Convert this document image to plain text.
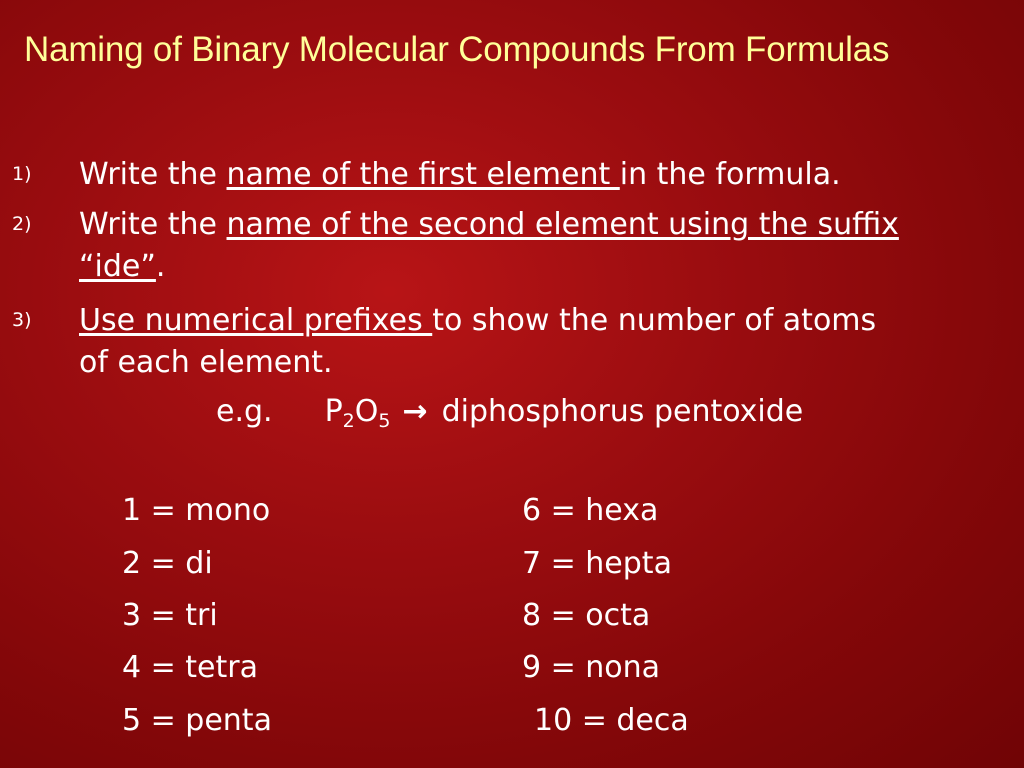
Naming of Binary Molecular Compounds From Formulas
1) Write the name of the first element in the formula.
2) Write the name of the second element using the suffix “ide”.
3) Use numerical prefixes to show the number of atoms of each element.
e.g. $P_2O_5$ → diphosphorus pentoxide
1 = mono
2 = di
3 = tri
4 = tetra
5 = penta
6 = hexa
7 = hepta
8 = octa
9 = nona
10 = deca
